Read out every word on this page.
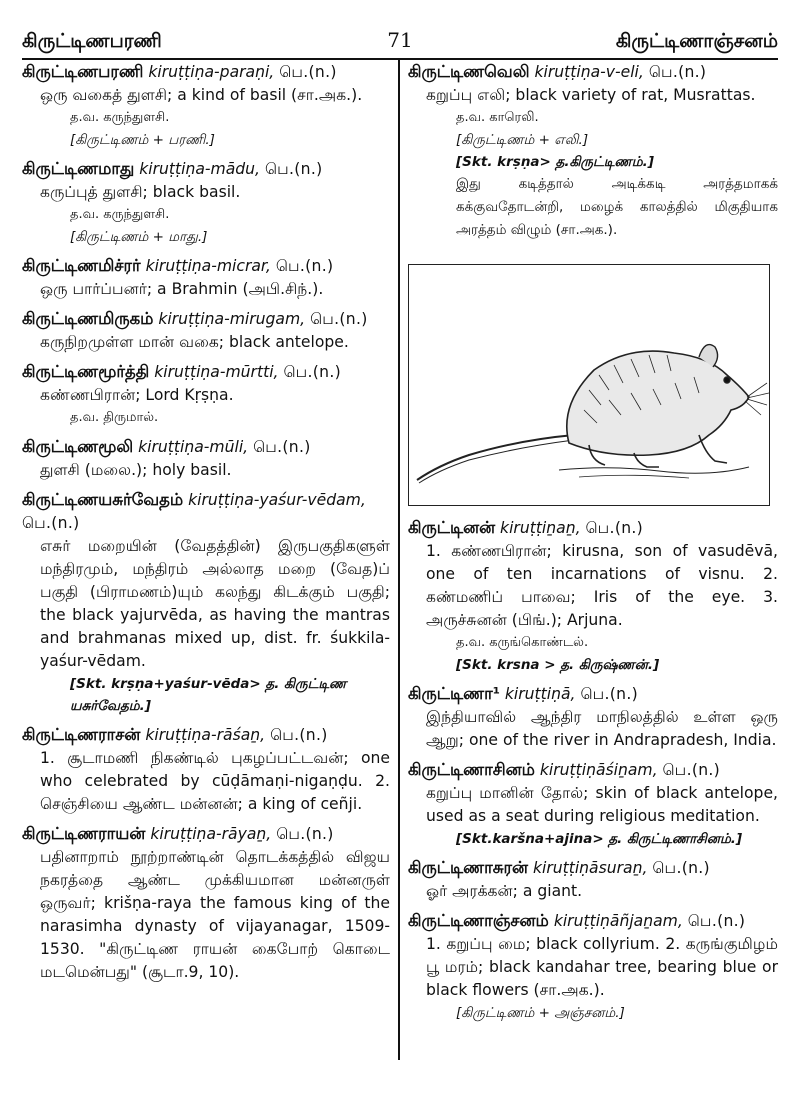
கிருட்டிணபரணி	71	கிருட்டிணாஞ்சனம்
கிருட்டிணபரணி kiruṭṭiṇa-paraṇi, பெ.(n.)
ஒரு வகைத் துளசி; a kind of basil (சா.அக.).
த.வ. கருந்துளசி.
[கிருட்டிணம் + பரணி.]
கிருட்டிணமாது kiruṭṭiṇa-mādu, பெ.(n.)
கருப்புத் துளசி; black basil.
த.வ. கருந்துளசி.
[கிருட்டிணம் + மாது.]
கிருட்டிணமிச்ரர் kiruṭṭiṇa-micrar, பெ.(n.)
ஒரு பார்ப்பனர்; a Brahmin (அபி.சிந்.).
கிருட்டிணமிருகம் kiruṭṭiṇa-mirugam, பெ.(n.)
கருநிறமுள்ள மான் வகை; black antelope.
கிருட்டிணமூர்த்தி kiruṭṭiṇa-mūrtti, பெ.(n.)
கண்ணபிரான்; Lord Kṛṣṇa.
த.வ. திருமால்.
கிருட்டிணமூலி kiruṭṭiṇa-mūli, பெ.(n.)
துளசி (மலை.); holy basil.
கிருட்டிணயசுர்வேதம் kiruṭṭiṇa-yaśur-vēdam, பெ.(n.)
எசுர் மறையின் (வேதத்தின்) இருபகுதிகளுள் மந்திரமும், மந்திரம் அல்லாத மறை (வேத)ப் பகுதி (பிராமணம்)யும் கலந்து கிடக்கும் பகுதி; the black yajurvēda, as having the mantras and brahmanas mixed up, dist. fr. śukkila-yaśur-vēdam.
[Skt. krṣṇa+yaśur-vēda> த. கிருட்டிண யசுர்வேதம்.]
கிருட்டிணராசன் kiruṭṭiṇa-rāśaṉ, பெ.(n.)
1. சூடாமணி நிகண்டில் புகழப்பட்டவன்; one who celebrated by cūḍāmaṇi-nigaṇḍu. 2. செஞ்சியை ஆண்ட மன்னன்; a king of ceñji.
கிருட்டிணராயன் kiruṭṭiṇa-rāyaṉ, பெ.(n.)
பதினாறாம் நூற்றாண்டின் தொடக்கத்தில் விஜய நகரத்தை ஆண்ட முக்கியமான மன்னருள் ஒருவர்; krišṇa-raya the famous king of the narasimha dynasty of vijayanagar, 1509-1530. "கிருட்டிண ராயன் கைபோற் கொடை மடமென்பது" (சூடா.9, 10).
கிருட்டிணவெலி kiruṭṭiṇa-v-eli, பெ.(n.)
கறுப்பு எலி; black variety of rat, Musrattas.
த.வ. காரெலி.
[கிருட்டிணம் + எலி.]
[Skt. krṣṇa> த.கிருட்டிணம்.]
இது கடித்தால் அடிக்கடி அரத்தமாகக் கக்குவதோடன்றி, மழைக் காலத்தில் மிகுதியாக அரத்தம் விழும் (சா.அக.).
கிருட்டினன் kiruṭṭiṉaṉ, பெ.(n.)
1. கண்ணபிரான்; kirusna, son of vasudēvā, one of ten incarnations of visnu. 2. கண்மணிப் பாவை; Iris of the eye. 3. அருச்சுனன் (பிங்.); Arjuna.
த.வ. கருங்கொண்டல்.
[Skt. krsna > த. கிருஷ்ணன்.]
கிருட்டிணா¹ kiruṭṭiṇā, பெ.(n.)
இந்தியாவில் ஆந்திர மாநிலத்தில் உள்ள ஒரு ஆறு; one of the river in Andrapradesh, India.
கிருட்டிணாசினம் kiruṭṭiṇāśiṉam, பெ.(n.)
கறுப்பு மானின் தோல்; skin of black antelope, used as a seat during religious meditation.
[Skt.karšna+ajina> த. கிருட்டிணாசினம்.]
கிருட்டிணாசுரன் kiruṭṭiṇāsuraṉ, பெ.(n.)
ஓர் அரக்கன்; a giant.
கிருட்டிணாஞ்சனம் kiruṭṭiṇāñjaṉam, பெ.(n.)
1. கறுப்பு மை; black collyrium. 2. கருங்குமிழம் பூ மரம்; black kandahar tree, bearing blue or black flowers (சா.அக.).
[கிருட்டிணம் + அஞ்சனம்.]
